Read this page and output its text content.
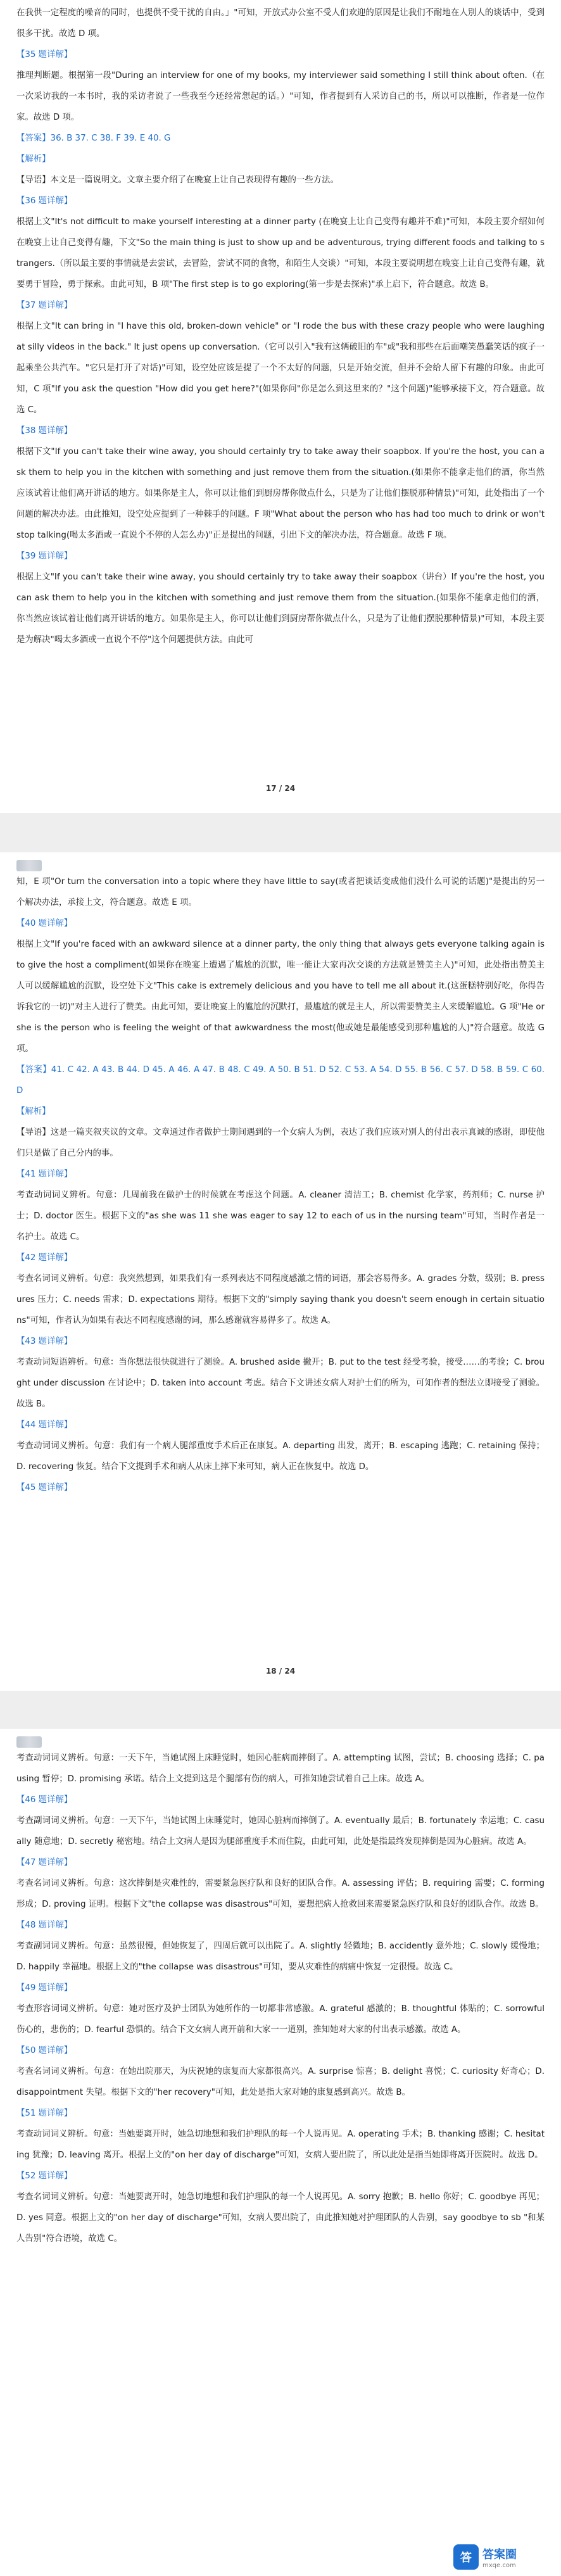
在我供一定程度的噪音的同时，也提供不受干扰的自由。」"可知，开放式办公室不受人们欢迎的原因是让我们不耐地在人別人的谈话中，受到很多干扰。故选 D 项。

【35 题详解】

推理判断题。根据第一段"During an interview for one of my books, my interviewer said something I still think about often.（在一次采访我的一本书时，我的采访者说了一些我至今还经常想起的话。）"可知，作者提到有人采访自己的书，所以可以推断，作者是一位作家。故选 D 项。

【答案】36. B 37. C 38. F 39. E 40. G

【解析】

【导语】本文是一篇说明文。文章主要介绍了在晚宴上让自己表现得有趣的一些方法。

【36 题详解】

根据上文"It's not difficult to make yourself interesting at a dinner party (在晚宴上让自己变得有趣并不难)"可知，本段主要介绍如何在晚宴上让自己变得有趣，下文"So the main thing is just to show up and be adventurous, trying different foods and talking to strangers.（所以最主要的事情就是去尝试，去冒险，尝试不同的食物，和陌生人交谈）"可知，本段主要说明想在晚宴上让自己变得有趣，就要勇于冒险，勇于探索。由此可知，B 项"The first step is to go exploring(第一步是去探索)"承上启下，符合题意。故选 B。

【37 题详解】

根据上文"It can bring in "I have this old, broken-down vehicle" or "I rode the bus with these crazy people who were laughing at silly videos in the back." It just opens up conversation.（它可以引入"我有这辆破旧的车"或"我和那些在后面嘲笑愚蠢笑话的疯子一起乘坐公共汽车。"它只是打开了对话)"可知，设空处应该是提了一个不太好的问题，只是开始交流，但并不会给人留下有趣的印象。由此可知，C 项"If you ask the question "How did you get here?"(如果你问"你是怎么到这里来的？"这个问题)"能够承接下文，符合题意。故选 C。

【38 题详解】

根据下文"If you can't take their wine away, you should certainly try to take away their soapbox. If you're the host, you can ask them to help you in the kitchen with something and just remove them from the situation.(如果你不能拿走他们的酒，你当然应该试着让他们离开讲话的地方。如果你是主人，你可以让他们到厨房帮你做点什么，只是为了让他们摆脱那种情景)"可知，此处指出了一个问题的解决办法。由此推知，设空处应提到了一种棘手的问题。F 项"What about the person who has had too much to drink or won't stop talking(喝太多酒或一直说个不停的人怎么办)"正是提出的问题，引出下文的解决办法，符合题意。故选 F 项。

【39 题详解】

根据上文"If you can't take their wine away, you should certainly try to take away their soapbox（讲台）If you're the host, you can ask them to help you in the kitchen with something and just remove them from the situation.(如果你不能拿走他们的酒，你当然应该试着让他们离开讲话的地方。如果你是主人，你可以让他们到厨房帮你做点什么，只是为了让他们摆脱那种情景)"可知，本段主要是为解决"喝太多酒或一直说个不停"这个问题提供方法。由此可

17 / 24

知，E 项"Or turn the conversation into a topic where they have little to say(或者把谈话变成他们没什么可说的话题)"是提出的另一个解决办法，承接上文，符合题意。故选 E 项。

【40 题详解】

根据上文"If you're faced with an awkward silence at a dinner party, the only thing that always gets everyone talking again is to give the host a compliment(如果你在晚宴上遭遇了尴尬的沉默，唯一能让大家再次交谈的方法就是赞美主人)"可知，此处指出赞美主人可以缓解尴尬的沉默，设空处下文"This cake is extremely delicious and you have to tell me all about it.(这蛋糕特别好吃，你得告诉我它的一切)"对主人进行了赞美。由此可知，要让晚宴上的尴尬的沉默打，最尴尬的就是主人，所以需要赞美主人来缓解尴尬。G 项"He or she is the person who is feeling the weight of that awkwardness the most(他或她是最能感受到那种尴尬的人)"符合题意。故选 G 项。

【答案】41. C 42. A 43. B 44. D 45. A 46. A 47. B 48. C 49. A 50. B 51. D 52. C 53. A 54. D 55. B 56. C 57. D 58. B 59. C 60. D

【解析】

【导语】这是一篇夹叙夹议的文章。文章通过作者做护士期间遇到的一个女病人为例，表达了我们应该对别人的付出表示真诚的感谢，即使他们只是做了自己分内的事。

【41 题详解】

考查动词词义辨析。句意：几周前我在做护士的时候就在考虑这个问题。A. cleaner 清洁工；B. chemist 化学家，药剂师；C. nurse 护士；D. doctor 医生。根据下文的"as she was 11 she was eager to say 12 to each of us in the nursing team"可知，当时作者是一名护士。故选 C。

【42 题详解】

考查名词词义辨析。句意：我突然想到，如果我们有一系列表达不同程度感激之情的词语，那会容易得多。A. grades 分数，级别；B. pressures 压力；C. needs 需求；D. expectations 期待。根据下文的"simply saying thank you doesn't seem enough in certain situations"可知，作者认为如果有表达不同程度感谢的词，那么感谢就容易得多了。故选 A。

【43 题详解】

考查动词短语辨析。句意：当你想法很快就进行了测验。A. brushed aside 撇开；B. put to the test 经受考验，接受……的考验；C. brought under discussion 在讨论中；D. taken into account 考虑。结合下文讲述女病人对护士们的所为，可知作者的想法立即接受了测验。故选 B。

【44 题详解】

考查动词词义辨析。句意：我们有一个病人腿部重度手术后正在康复。A. departing 出发，离开；B. escaping 逃跑；C. retaining 保持；D. recovering 恢复。结合下文提到手术和病人从床上摔下来可知，病人正在恢复中。故选 D。

【45 题详解】

18 / 24

考查动词词义辨析。句意：一天下午，当她试图上床睡觉时，她因心脏病而摔倒了。A. attempting 试图，尝试；B. choosing 选择；C. pausing 暂停；D. promising 承诺。结合上文提到这是个腿部有伤的病人，可推知她尝试着自己上床。故选 A。

【46 题详解】

考查副词词义辨析。句意：一天下午，当她试图上床睡觉时，她因心脏病而摔倒了。A. eventually 最后；B. fortunately 幸运地；C. casually 随意地；D. secretly 秘密地。结合上文病人是因为腿部重度手术而住院，由此可知，此处是指最终发现摔倒是因为心脏病。故选 A。

【47 题详解】

考查名词词义辨析。句意：这次摔倒是灾难性的，需要紧急医疗队和良好的团队合作。A. assessing 评估；B. requiring 需要；C. forming 形成；D. proving 证明。根据下文"the collapse was disastrous"可知，要想把病人抢救回来需要紧急医疗队和良好的团队合作。故选 B。

【48 题详解】

考查副词词义辨析。句意：虽然很慢，但她恢复了，四周后就可以出院了。A. slightly 轻微地；B. accidently 意外地；C. slowly 缓慢地；D. happily 幸福地。根据上文的"the collapse was disastrous"可知，要从灾难性的病痛中恢复一定很慢。故选 C。

【49 题详解】

考查形容词词义辨析。句意：她对医疗及护士团队为她所作的一切都非常感激。A. grateful 感激的；B. thoughtful 体贴的；C. sorrowful 伤心的，悲伤的；D. fearful 恐惧的。结合下文女病人离开前和大家一一道别，推知她对大家的付出表示感激。故选 A。

【50 题详解】

考查名词词义辨析。句意：在她出院那天，为庆祝她的康复而大家都很高兴。A. surprise 惊喜；B. delight 喜悦；C. curiosity 好奇心；D. disappointment 失望。根据下文的"her recovery"可知，此处是指大家对她的康复感到高兴。故选 B。

【51 题详解】

考查动词词义辨析。句意：当她要离开时，她急切地想和我们护理队的每一个人说再见。A. operating 手术；B. thanking 感谢；C. hesitating 犹豫；D. leaving 离开。根据上文的"on her day of discharge"可知，女病人要出院了，所以此处是指当她即将离开医院时。故选 D。

【52 题详解】

考查名词词义辨析。句意：当她要离开时，她急切地想和我们护理队的每一个人说再见。A. sorry 抱歉；B. hello 你好；C. goodbye 再见；D. yes 同意。根据上文的"on her day of discharge"可知，女病人要出院了，由此推知她对护理团队的人告别，say goodbye to sb "和某人告别"符合语境，故选 C。

答 答案圈
mxqe.com
